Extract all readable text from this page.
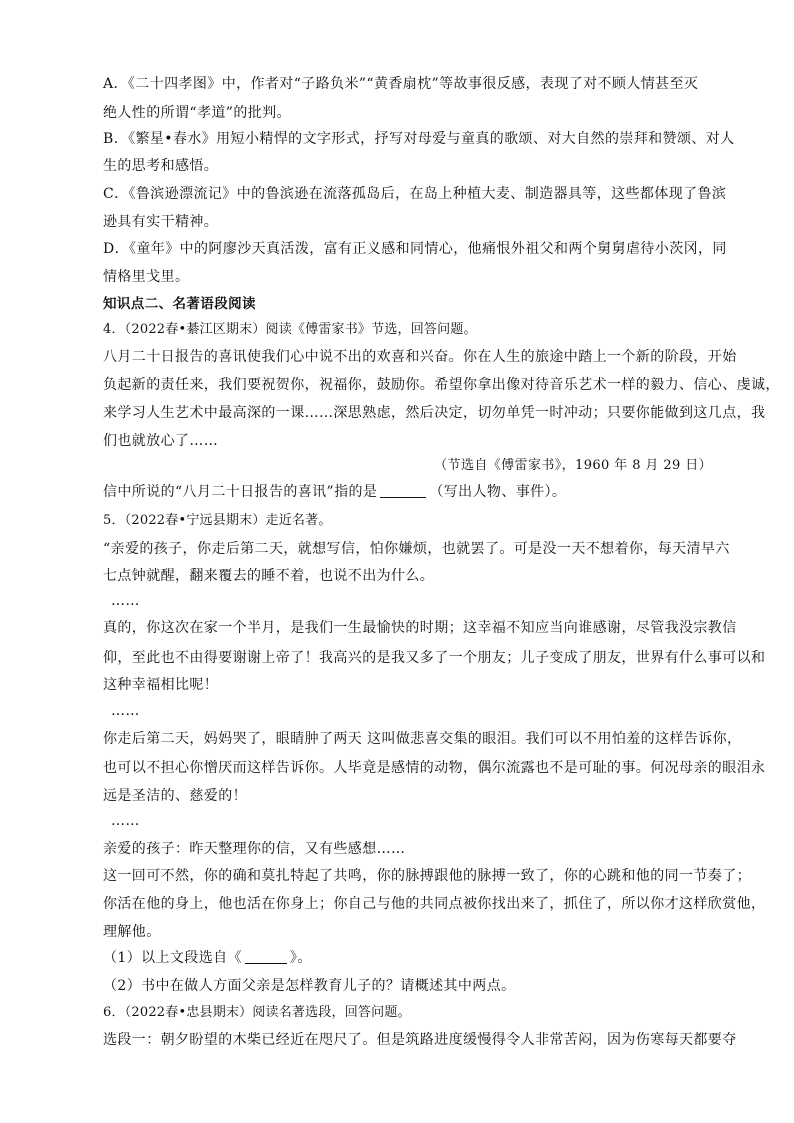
A．《二十四孝图》中，作者对“子路负米”“黄香扇枕”等故事很反感，表现了对不顾人情甚至灭
绝人性的所谓“孝道”的批判。
B．《繁星•春水》用短小精悍的文字形式，抒写对母爱与童真的歌颂、对大自然的崇拜和赞颂、对人
生的思考和感悟。
C．《鲁滨逊漂流记》中的鲁滨逊在流落孤岛后，在岛上种植大麦、制造器具等，这些都体现了鲁滨
逊具有实干精神。
D．《童年》中的阿廖沙天真活泼，富有正义感和同情心，他痛恨外祖父和两个舅舅虐待小茨冈，同
情格里戈里。
知识点二、名著语段阅读
4．（2022春•綦江区期末）阅读《傅雷家书》节选，回答问题。
八月二十日报告的喜讯使我们心中说不出的欢喜和兴奋。你在人生的旅途中踏上一个新的阶段，开始
负起新的责任来，我们要祝贺你，祝福你，鼓励你。希望你拿出像对待音乐艺术一样的毅力、信心、虔诚，
来学习人生艺术中最高深的一课……深思熟虑，然后决定，切勿单凭一时冲动；只要你能做到这几点，我
们也就放心了……
（节选自《傅雷家书》，1960 年 8 月 29 日）
信中所说的“八月二十日报告的喜讯”指的是	（写出人物、事件）。
5．（2022春•宁远县期末）走近名著。
“亲爱的孩子，你走后第二天，就想写信，怕你嫌烦，也就罢了。可是没一天不想着你，每天清早六
七点钟就醒，翻来覆去的睡不着，也说不出为什么。
……
真的，你这次在家一个半月，是我们一生最愉快的时期；这幸福不知应当向谁感谢，尽管我没宗教信
仰，至此也不由得要谢谢上帝了！我高兴的是我又多了一个朋友；儿子变成了朋友，世界有什么事可以和
这种幸福相比呢！
……
你走后第二天，妈妈哭了，眼睛肿了两天 这叫做悲喜交集的眼泪。我们可以不用怕羞的这样告诉你，
也可以不担心你憎厌而这样告诉你。人毕竟是感情的动物，偶尔流露也不是可耻的事。何况母亲的眼泪永
远是圣洁的、慈爱的！
……
亲爱的孩子：昨天整理你的信，又有些感想……
这一回可不然，你的确和莫扎特起了共鸣，你的脉搏跟他的脉搏一致了，你的心跳和他的同一节奏了；
你活在他的身上，他也活在你身上；你自己与他的共同点被你找出来了，抓住了，所以你才这样欣赏他，
理解他。
（1）以上文段选自《	》。
（2）书中在做人方面父亲是怎样教育儿子的？请概述其中两点。
6．（2022春•忠县期末）阅读名著选段，回答问题。
选段一：朝夕盼望的木柴已经近在咫尺了。但是筑路进度缓慢得令人非常苦闷，因为伤寒每天都要夺
